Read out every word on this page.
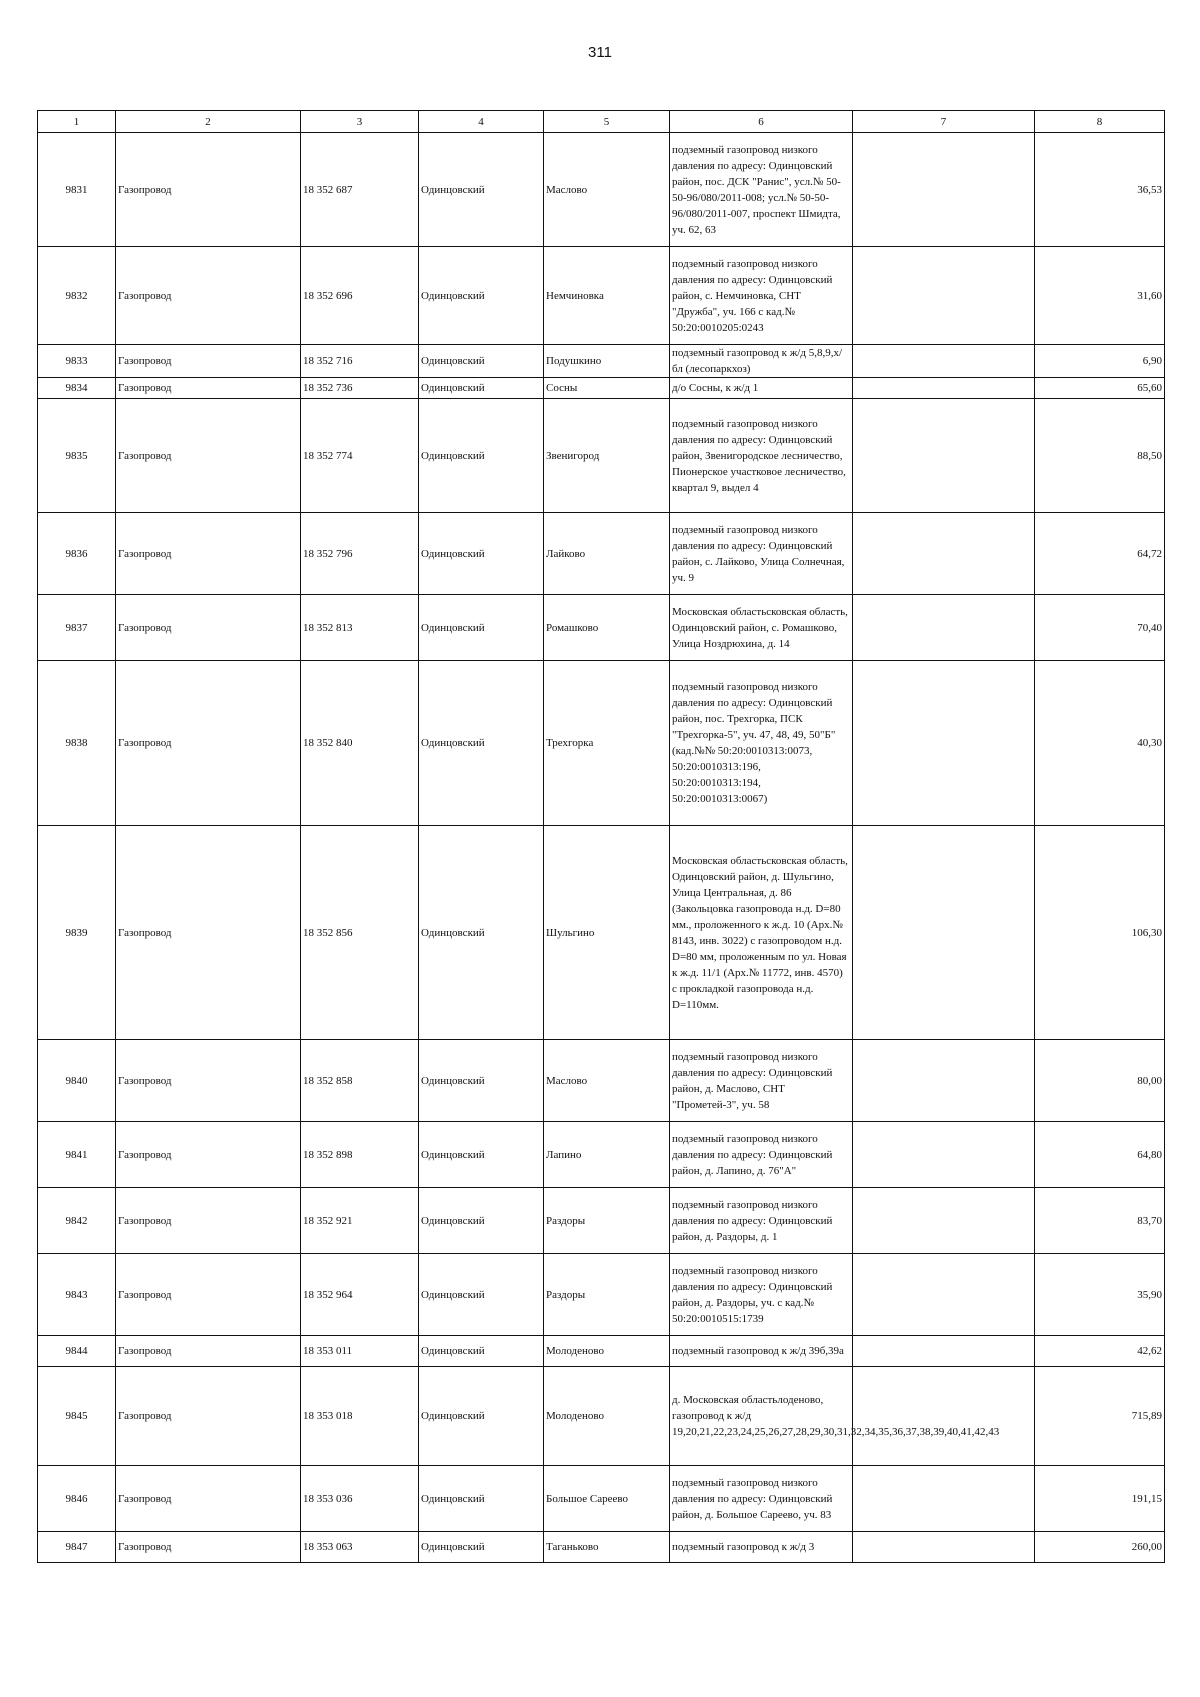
311
1	2	3	4	5	6	7	8
9831	Газопровод	18 352 687	Одинцовский	Маслово	подземный газопровод низкого давления по адресу: Одинцовский район, пос. ДСК "Ранис", усл.№ 50-50-96/080/2011-008; усл.№ 50-50-96/080/2011-007, проспект Шмидта, уч. 62, 63		36,53
9832	Газопровод	18 352 696	Одинцовский	Немчиновка	подземный газопровод низкого давления по адресу: Одинцовский район, с. Немчиновка, СНТ "Дружба", уч. 166 с кад.№ 50:20:0010205:0243		31,60
9833	Газопровод	18 352 716	Одинцовский	Подушкино	подземный газопровод к ж/д 5,8,9,х/бл (лесопаркхоз)		6,90
9834	Газопровод	18 352 736	Одинцовский	Сосны	д/о Сосны, к ж/д 1		65,60
9835	Газопровод	18 352 774	Одинцовский	Звенигород	подземный газопровод низкого давления по адресу: Одинцовский район, Звенигородское лесничество, Пионерское участковое лесничество, квартал 9, выдел 4		88,50
9836	Газопровод	18 352 796	Одинцовский	Лайково	подземный газопровод низкого давления по адресу: Одинцовский район, с. Лайково, Улица Солнечная, уч. 9		64,72
9837	Газопровод	18 352 813	Одинцовский	Ромашково	Московская областьсковская область, Одинцовский район, с. Ромашково, Улица Ноздрюхина, д. 14		70,40
9838	Газопровод	18 352 840	Одинцовский	Трехгорка	подземный газопровод низкого давления по адресу: Одинцовский район, пос. Трехгорка, ПСК "Трехгорка-5", уч. 47, 48, 49, 50"Б" (кад.№№ 50:20:0010313:0073, 50:20:0010313:196, 50:20:0010313:194, 50:20:0010313:0067)		40,30
9839	Газопровод	18 352 856	Одинцовский	Шульгино	Московская областьсковская область, Одинцовский район, д. Шульгино, Улица Центральная, д. 86 (Закольцовка газопровода н.д. D=80 мм., проложенного к ж.д. 10 (Арх.№ 8143, инв. 3022) с газопроводом н.д. D=80 мм, проложенным по ул. Новая к ж.д. 11/1 (Арх.№ 11772, инв. 4570) с прокладкой газопровода н.д. D=110мм.		106,30
9840	Газопровод	18 352 858	Одинцовский	Маслово	подземный газопровод низкого давления по адресу: Одинцовский район, д. Маслово, СНТ "Прометей-3", уч. 58		80,00
9841	Газопровод	18 352 898	Одинцовский	Лапино	подземный газопровод низкого давления по адресу: Одинцовский район, д. Лапино, д. 76"А"		64,80
9842	Газопровод	18 352 921	Одинцовский	Раздоры	подземный газопровод низкого давления по адресу: Одинцовский район, д. Раздоры, д. 1		83,70
9843	Газопровод	18 352 964	Одинцовский	Раздоры	подземный газопровод низкого давления по адресу: Одинцовский район, д. Раздоры, уч. с кад.№ 50:20:0010515:1739		35,90
9844	Газопровод	18 353 011	Одинцовский	Молоденово	подземный газопровод к ж/д 39б,39а		42,62
9845	Газопровод	18 353 018	Одинцовский	Молоденово	д. Московская областьлоденово, газопровод к ж/д 19,20,21,22,23,24,25,26,27,28,29,30,31,32,34,35,36,37,38,39,40,41,42,43		715,89
9846	Газопровод	18 353 036	Одинцовский	Большое Сареево	подземный газопровод низкого давления по адресу: Одинцовский район, д. Большое Сареево, уч. 83		191,15
9847	Газопровод	18 353 063	Одинцовский	Таганьково	подземный газопровод к ж/д 3		260,00
